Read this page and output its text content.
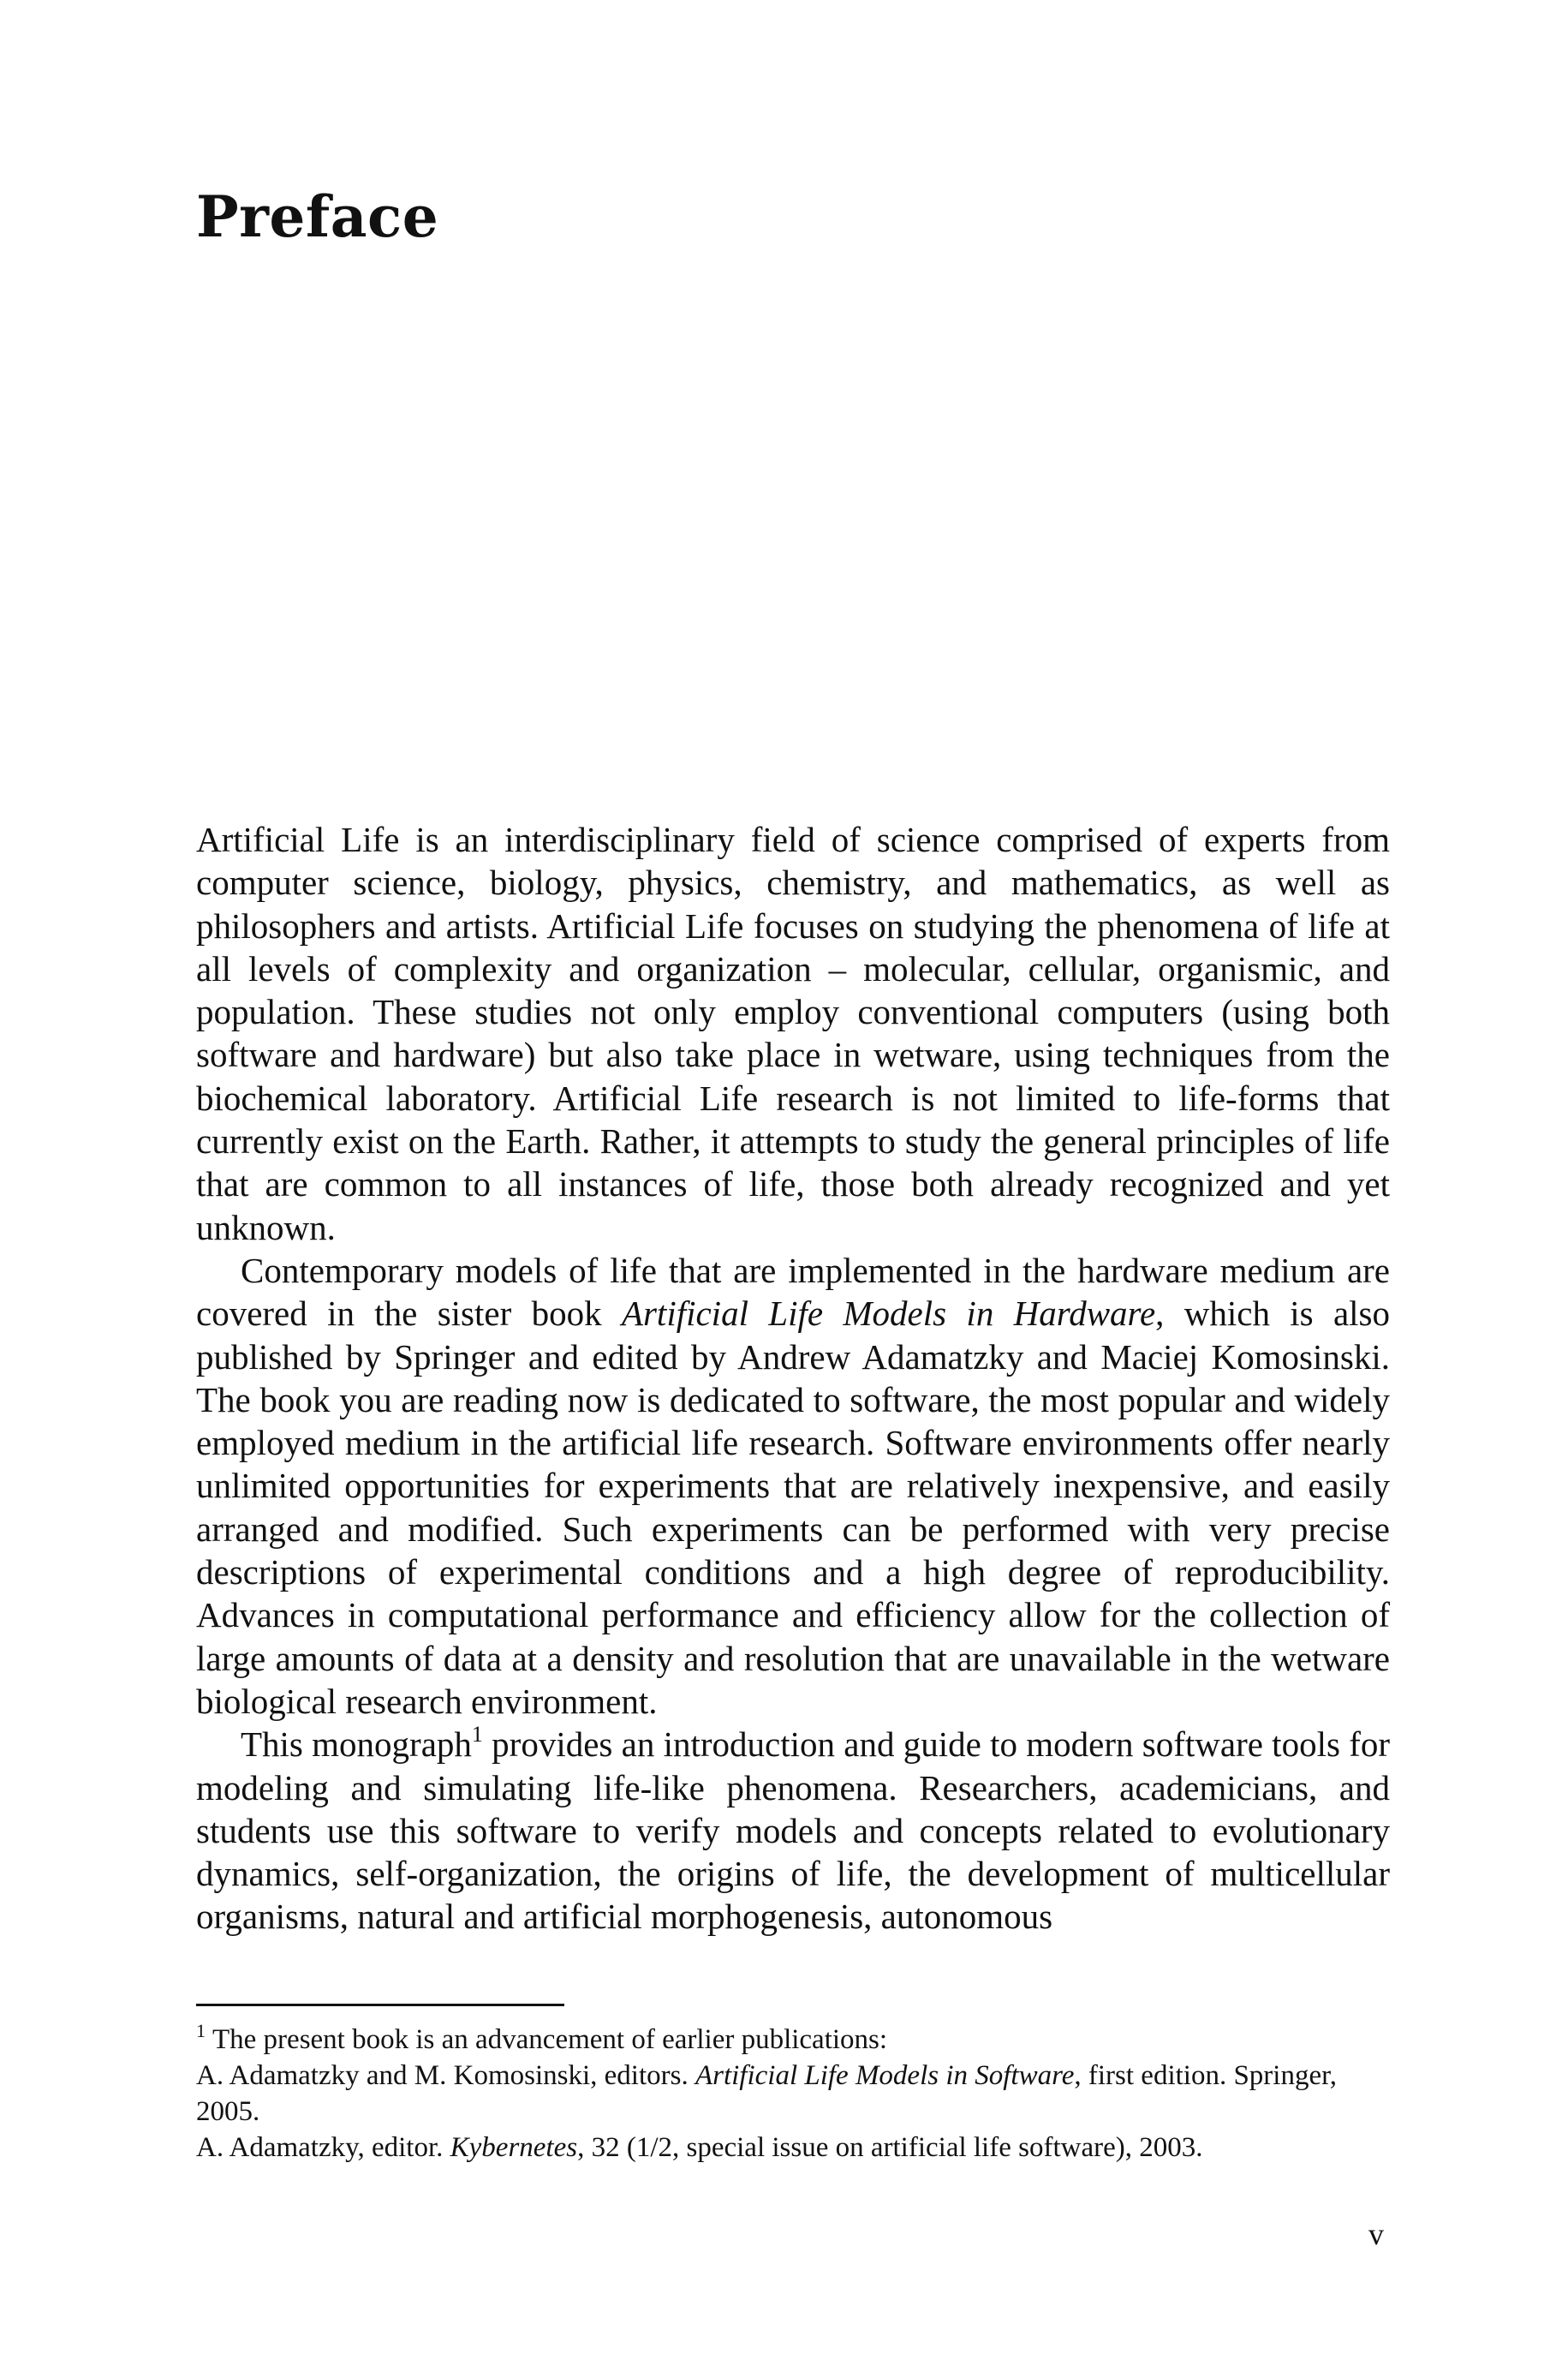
Preface

Artificial Life is an interdisciplinary field of science comprised of experts from computer science, biology, physics, chemistry, and mathematics, as well as philosophers and artists. Artificial Life focuses on studying the phenomena of life at all levels of complexity and organization – molecular, cellular, organismic, and population. These studies not only employ conventional computers (using both software and hardware) but also take place in wetware, using techniques from the biochemical laboratory. Artificial Life research is not limited to life-forms that currently exist on the Earth. Rather, it attempts to study the general principles of life that are common to all instances of life, those both already recognized and yet unknown.

Contemporary models of life that are implemented in the hardware medium are covered in the sister book Artificial Life Models in Hardware, which is also published by Springer and edited by Andrew Adamatzky and Maciej Komosinski. The book you are reading now is dedicated to software, the most popular and widely employed medium in the artificial life research. Software environments offer nearly unlimited opportunities for experiments that are relatively inexpensive, and easily arranged and modified. Such experiments can be performed with very precise descriptions of experimental conditions and a high degree of reproducibility. Advances in computational performance and efficiency allow for the collection of large amounts of data at a density and resolution that are unavailable in the wetware biological research environment.

This monograph$^1$ provides an introduction and guide to modern software tools for modeling and simulating life-like phenomena. Researchers, academicians, and students use this software to verify models and concepts related to evolutionary dynamics, self-organization, the origins of life, the development of multicellular organisms, natural and artificial morphogenesis, autonomous

$^1$ The present book is an advancement of earlier publications:

A. Adamatzky and M. Komosinski, editors. Artificial Life Models in Software, first edition. Springer, 2005.

A. Adamatzky, editor. Kybernetes, 32 (1/2, special issue on artificial life software), 2003.

v
